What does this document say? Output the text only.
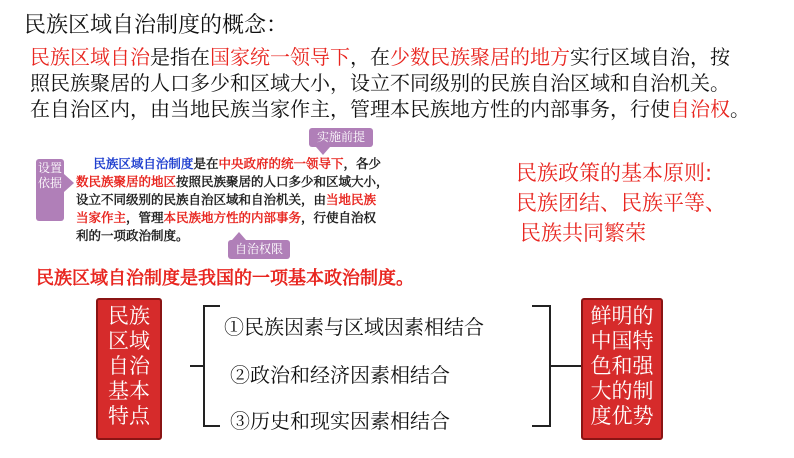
民族区域自治制度的概念：
民族区域自治是指在国家统一领导下，在少数民族聚居的地方实行区域自治，按
照民族聚居的人口多少和区域大小，设立不同级别的民族自治区域和自治机关。
在自治区内，由当地民族当家作主，管理本民族地方性的内部事务，行使自治权。
设置依据
实施前提
自治权限
民族区域自治制度是在中央政府的统一领导下，各少
数民族聚居的地区按照民族聚居的人口多少和区域大小，
设立不同级别的民族自治区域和自治机关，由当地民族
当家作主，管理本民族地方性的内部事务，行使自治权
利的一项政治制度。
民族政策的基本原则:
民族团结、民族平等、
民族共同繁荣
民族区域自治制度是我国的一项基本政治制度。
民族
区域
自治
基本
特点
①民族因素与区域因素相结合
②政治和经济因素相结合
③历史和现实因素相结合
鲜明的
中国特
色和强
大的制
度优势
